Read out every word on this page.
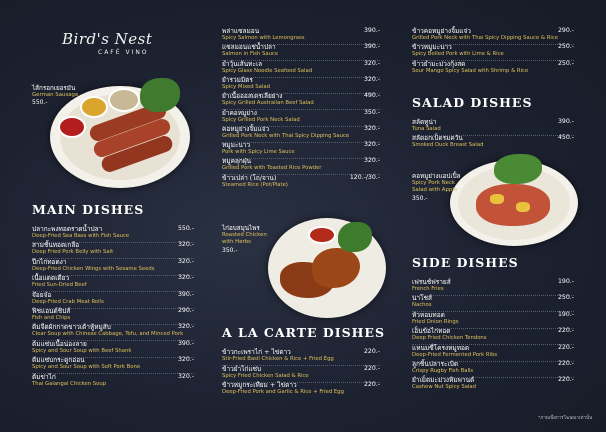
Bird's Nest
CAFÉ VINO
ไส้กรอกเยอรมัน
German Sausage
550.-
ไก่อบสมุนไพร
Roasted Chicken
with Herbs
350.-
คอหมูย่างแอปเปิ้ล
Spicy Pork Neck
Salad with Apple
350.-
MAIN DISHES
A LA CARTE DISHES
SALAD DISHES
SIDE DISHES
ปลากะพงทอดราดน้ำปลา	550.-
Deep-Fried Sea Bass with Fish Sauce
สามชั้นทอดเกลือ	320.-
Deep Fried Pork Belly with Salt
ปีกไก่ทอดงา	320.-
Deep-Fried Chicken Wings with Sesame Seeds
เนื้อแดดเดียว	320.-
Fried Sun-Dried Beef
จ๊อยจ๋อ	390.-
Deep-Fried Crab Meat Rolls
ฟิชแอนด์ชิปส์	290.-
Fish and Chips
ต้มจืดผักกาดขาวเต้าหู้หมูสับ	320.-
Clear Soup with Chinese Cabbage, Tofu, and Minced Pork
ต้มแซ่บเนื้อน่องลาย	390.-
Spicy and Sour Soup with Beef Shank
ต้มแซ่บกระดูกอ่อน	320.-
Spicy and Sour Soup with Soft Pork Bone
ต้มข่าไก่	320.-
Thai Galangal Chicken Soup
พล่าแซลมอน	390.-
Spicy Salmon with Lemongrass
แซลมอนแช่น้ำปลา	390.-
Salmon in Fish Sauce
ยำวุ้นเส้นทะเล	320.-
Spicy Glass Noodle Seafood Salad
ยำรวมมิตร	320.-
Spicy Mixed Salad
ยำเนื้อออสเตรเลียย่าง	490.-
Spicy Grilled Australian Beef Salad
ยำคอหมูย่าง	350.-
Spicy Grilled Pork Neck Salad
คอหมูย่างจิ้มแจ่ว	320.-
Grilled Pork Neck with Thai Spicy Dipping Sauce
หมูมะนาว	320.-
Pork with Spicy Lime Sauce
หมูคลุกฝุ่น	320.-
Grilled Pork with Toasted Rice Powder
ข้าวเปล่า (โถ/จาน)	120.-/30.-
Steamed Rice (Pot/Plate)
ข้าวกะเพราไก่ + ไข่ดาว	220.-
Stir-Fried Basil Chicken & Rice + Fried Egg
ข้าวยำไก่แซ่บ	220.-
Spicy Fried Chicken Salad & Rice
ข้าวหมูกระเทียม + ไข่ดาว	220.-
Deep-Fried Pork and Garlic & Rice + Fried Egg
ข้าวคอหมูย่างจิ้มแจ่ว	290.-
Grilled Pork Neck with Thai Spicy Dipping Sauce & Rice
ข้าวหมูมะนาว	250.-
Spicy Boiled Pork with Lime & Rice
ข้าวยำมะม่วงกุ้งสด	250.-
Sour Mango Spicy Salad with Shrimp & Rice
สลัดทูน่า	390.-
Tuna Salad
สลัดอกเป็ดรมควัน	450.-
Smoked Duck Breast Salad
เฟรนช์ฟรายส์	190.-
French Fries
นาโชส์	250.-
Nachos
หัวหอมทอด	190.-
Fried Onion Rings
เอ็นข้อไก่ทอด	220.-
Deep Fried Chicken Tendons
แหนมซี่โครงหมูทอด	220.-
Deep-Fried Fermented Pork Ribs
ลูกชิ้นปลาระเบิด	220.-
Crispy Rugby Fish Balls
ยำเม็ดมะม่วงหิมพานต์	220.-
Cashew Nut Spicy Salad
*ภาพเพื่อการโฆษณาเท่านั้น
